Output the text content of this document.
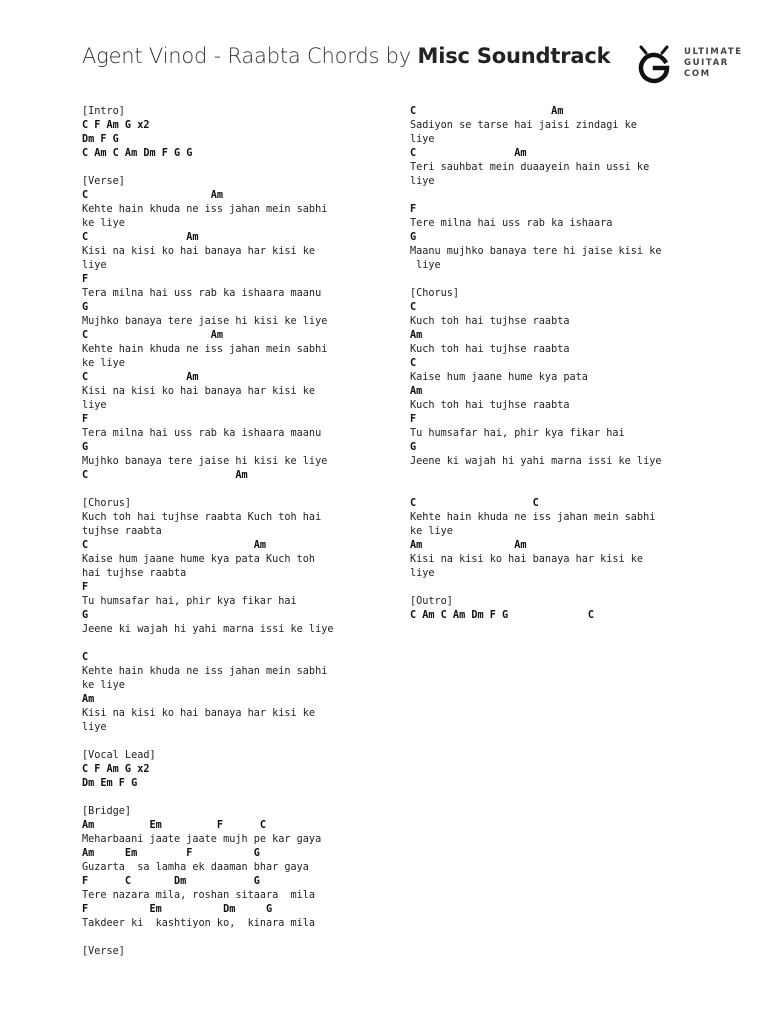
Agent Vinod - Raabta Chords by Misc Soundtrack	ULTIMATE
GUITAR
COM
[Intro]
C F Am G x2
Dm F G
C Am C Am Dm F G G
[Verse]
C                    Am
Kehte hain khuda ne iss jahan mein sabhi
ke liye
C                Am
Kisi na kisi ko hai banaya har kisi ke
liye
F
Tera milna hai uss rab ka ishaara maanu
G
Mujhko banaya tere jaise hi kisi ke liye
C                    Am
Kehte hain khuda ne iss jahan mein sabhi
ke liye
C                Am
Kisi na kisi ko hai banaya har kisi ke
liye
F
Tera milna hai uss rab ka ishaara maanu
G
Mujhko banaya tere jaise hi kisi ke liye
C                        Am
[Chorus]
Kuch toh hai tujhse raabta Kuch toh hai
tujhse raabta
C                           Am
Kaise hum jaane hume kya pata Kuch toh
hai tujhse raabta
F
Tu humsafar hai, phir kya fikar hai
G
Jeene ki wajah hi yahi marna issi ke liye
C
Kehte hain khuda ne iss jahan mein sabhi
ke liye
Am
Kisi na kisi ko hai banaya har kisi ke
liye
[Vocal Lead]
C F Am G x2
Dm Em F G
[Bridge]
Am         Em         F      C
Meharbaani jaate jaate mujh pe kar gaya
Am     Em        F          G
Guzarta  sa lamha ek daaman bhar gaya
F      C       Dm           G
Tere nazara mila, roshan sitaara  mila
F          Em          Dm     G
Takdeer ki  kashtiyon ko,  kinara mila
[Verse]
C                      Am
Sadiyon se tarse hai jaisi zindagi ke
liye
C                Am
Teri sauhbat mein duaayein hain ussi ke
liye
F
Tere milna hai uss rab ka ishaara
G
Maanu mujhko banaya tere hi jaise kisi ke
liye
[Chorus]
C
Kuch toh hai tujhse raabta
Am
Kuch toh hai tujhse raabta
C
Kaise hum jaane hume kya pata
Am
Kuch toh hai tujhse raabta
F
Tu humsafar hai, phir kya fikar hai
G
Jeene ki wajah hi yahi marna issi ke liye
C                   C
Kehte hain khuda ne iss jahan mein sabhi
ke liye
Am               Am
Kisi na kisi ko hai banaya har kisi ke
liye
[Outro]
C Am C Am Dm F G             C
